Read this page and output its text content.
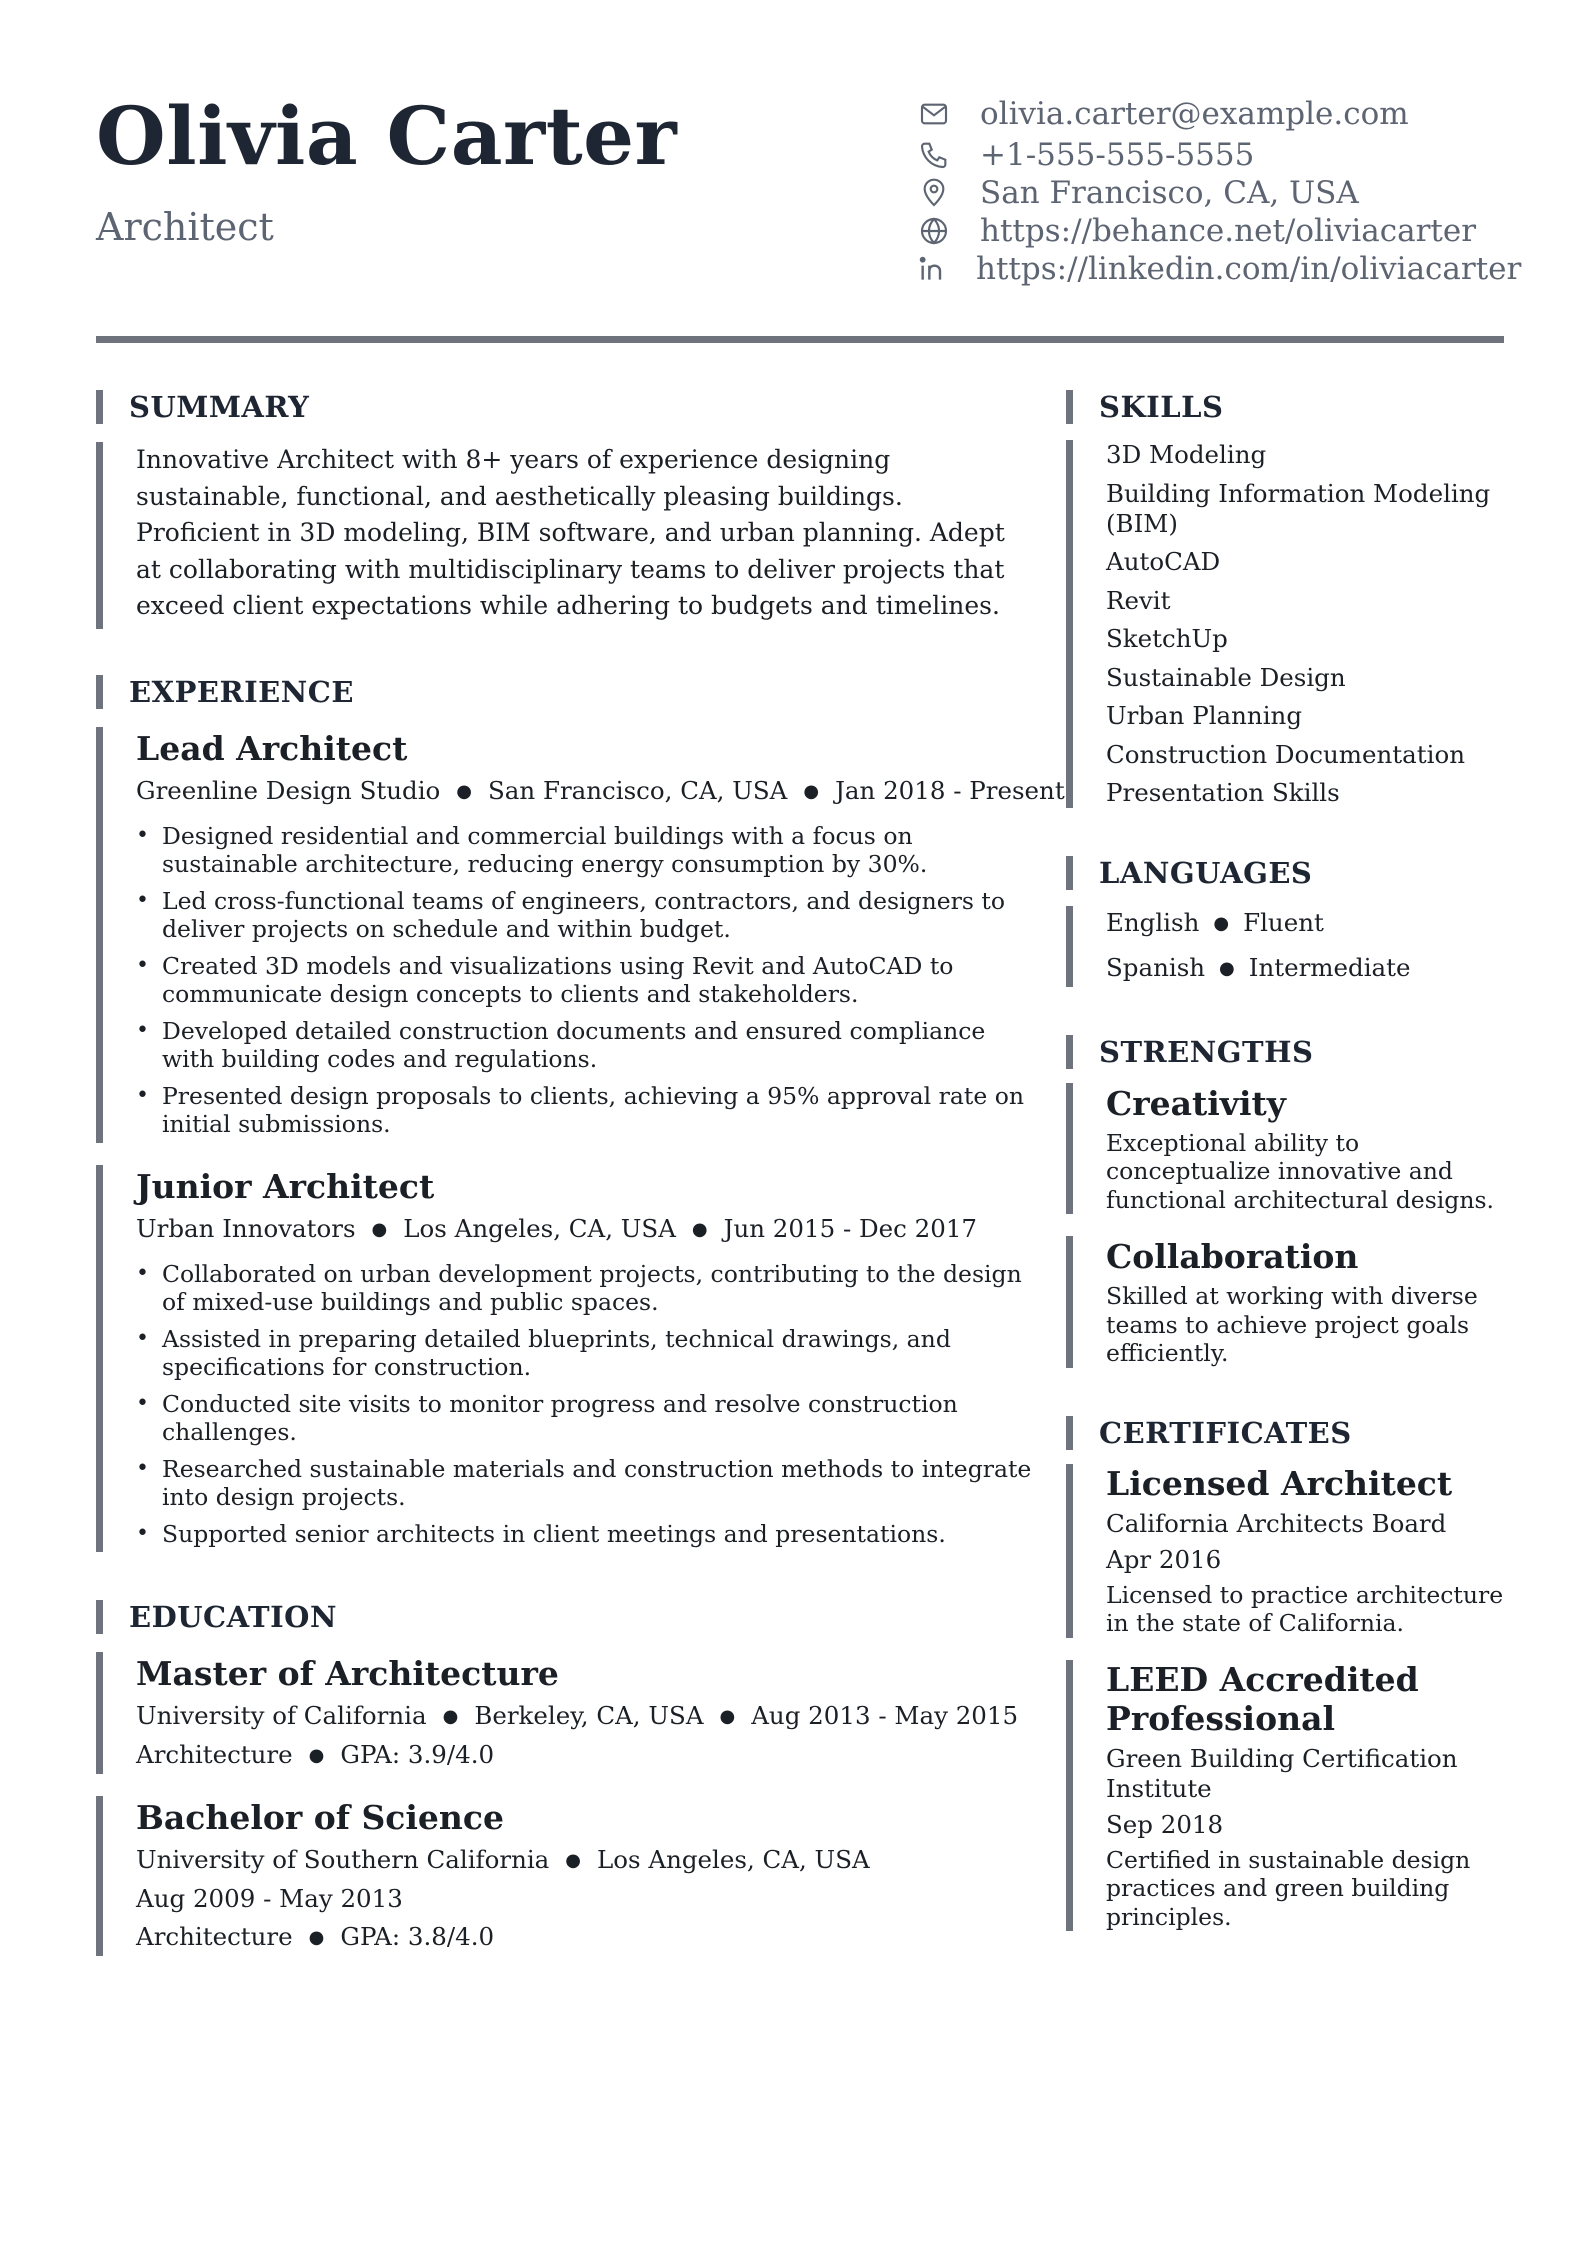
Olivia Carter
Architect
olivia.carter@example.com
+1-555-555-5555
San Francisco, CA, USA
https://behance.net/oliviacarter
https://linkedin.com/in/oliviacarter
SUMMARY

Innovative Architect with 8+ years of experience designing sustainable, functional, and aesthetically pleasing buildings. Proficient in 3D modeling, BIM software, and urban planning. Adept at collaborating with multidisciplinary teams to deliver projects that exceed client expectations while adhering to budgets and timelines.

EXPERIENCE
Lead Architect
Greenline Design Studio ● San Francisco, CA, USA ● Jan 2018 - Present
• Designed residential and commercial buildings with a focus on sustainable architecture, reducing energy consumption by 30%.
• Led cross-functional teams of engineers, contractors, and designers to deliver projects on schedule and within budget.
• Created 3D models and visualizations using Revit and AutoCAD to communicate design concepts to clients and stakeholders.
• Developed detailed construction documents and ensured compliance with building codes and regulations.
• Presented design proposals to clients, achieving a 95% approval rate on initial submissions.
Junior Architect
Urban Innovators ● Los Angeles, CA, USA ● Jun 2015 - Dec 2017
• Collaborated on urban development projects, contributing to the design of mixed-use buildings and public spaces.
• Assisted in preparing detailed blueprints, technical drawings, and specifications for construction.
• Conducted site visits to monitor progress and resolve construction challenges.
• Researched sustainable materials and construction methods to integrate into design projects.
• Supported senior architects in client meetings and presentations.
EDUCATION
Master of Architecture
University of California ● Berkeley, CA, USA ● Aug 2013 - May 2015
Architecture ● GPA: 3.9/4.0
Bachelor of Science
University of Southern California ● Los Angeles, CA, USA
Aug 2009 - May 2013
Architecture ● GPA: 3.8/4.0
SKILLS
3D Modeling
Building Information Modeling (BIM)
AutoCAD
Revit
SketchUp
Sustainable Design
Urban Planning
Construction Documentation
Presentation Skills
LANGUAGES
English ● Fluent
Spanish ● Intermediate
STRENGTHS
Creativity
Exceptional ability to conceptualize innovative and functional architectural designs.
Collaboration
Skilled at working with diverse teams to achieve project goals efficiently.
CERTIFICATES
Licensed Architect
California Architects Board
Apr 2016
Licensed to practice architecture in the state of California.
LEED Accredited Professional
Green Building Certification Institute
Sep 2018
Certified in sustainable design practices and green building principles.
